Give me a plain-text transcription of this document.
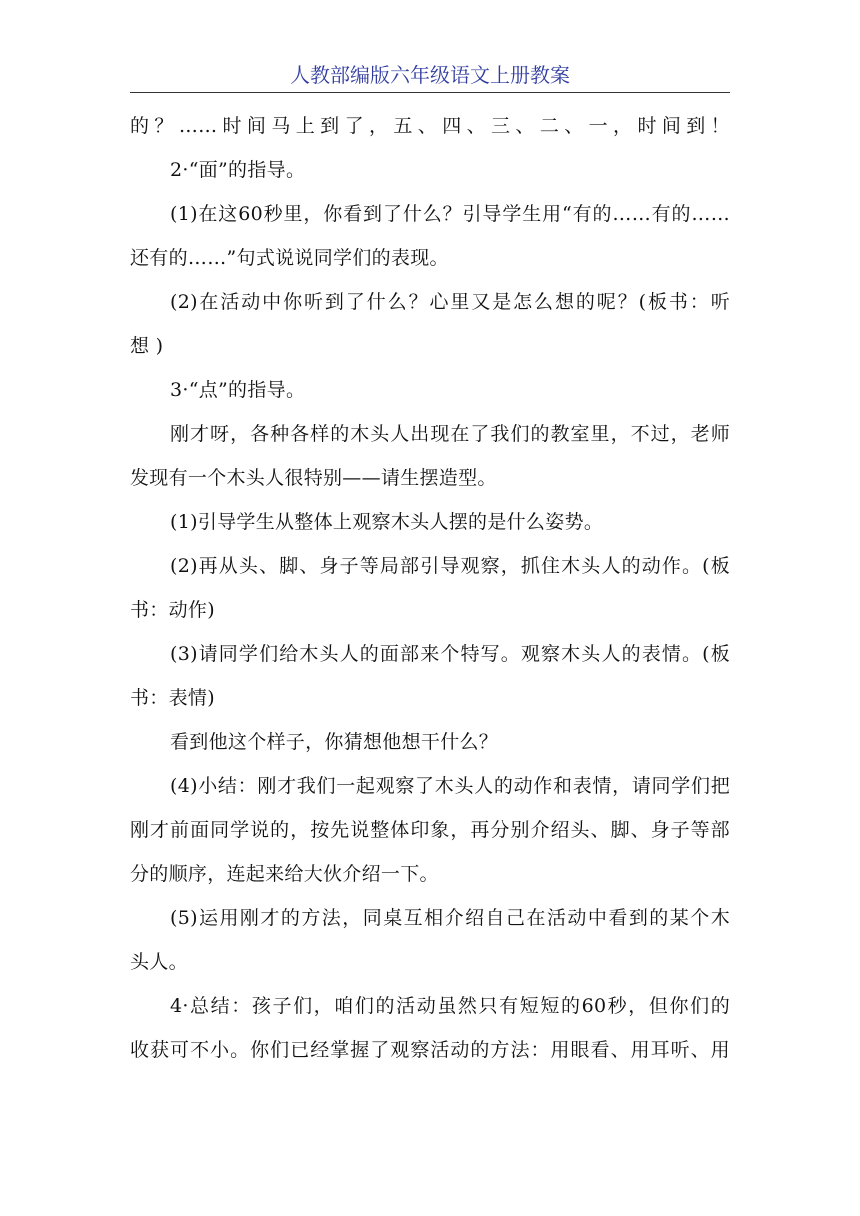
人教部编版六年级语文上册教案
的？……时间马上到了，五、四、三、二、一，时间到！
2·“面”的指导。
(1)在这60秒里，你看到了什么？引导学生用“有的……有的……
还有的……”句式说说同学们的表现。
(2)在活动中你听到了什么？心里又是怎么想的呢？(板书：听
想 )
3·“点”的指导。
刚才呀，各种各样的木头人出现在了我们的教室里，不过，老师
发现有一个木头人很特别——请生摆造型。
(1)引导学生从整体上观察木头人摆的是什么姿势。
(2)再从头、脚、身子等局部引导观察，抓住木头人的动作。(板
书：动作)
(3)请同学们给木头人的面部来个特写。观察木头人的表情。(板
书：表情)
看到他这个样子，你猜想他想干什么？
(4)小结：刚才我们一起观察了木头人的动作和表情，请同学们把
刚才前面同学说的，按先说整体印象，再分别介绍头、脚、身子等部
分的顺序，连起来给大伙介绍一下。
(5)运用刚才的方法，同桌互相介绍自己在活动中看到的某个木
头人。
4·总结：孩子们，咱们的活动虽然只有短短的60秒，但你们的
收获可不小。你们已经掌握了观察活动的方法：用眼看、用耳听、用
